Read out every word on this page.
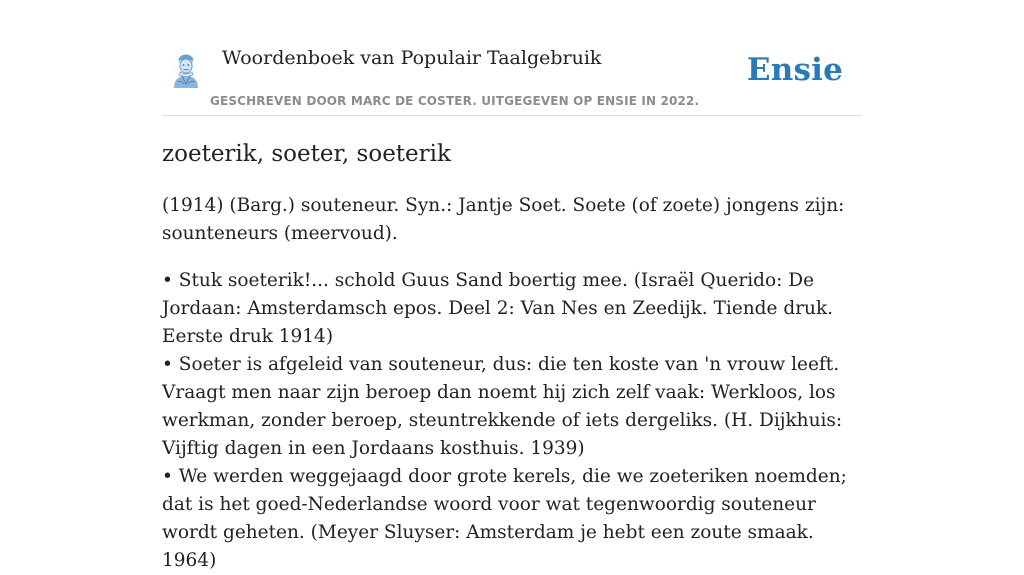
Woordenboek van Populair Taalgebruik	Ensie
GESCHREVEN DOOR MARC DE COSTER. UITGEGEVEN OP ENSIE IN 2022.
zoeterik, soeter, soeterik

(1914) (Barg.) souteneur. Syn.: Jantje Soet. Soete (of zoete) jongens zijn: sounteneurs (meervoud).

• Stuk soeterik!... schold Guus Sand boertig mee. (Israël Querido: De Jordaan: Amsterdamsch epos. Deel 2: Van Nes en Zeedijk. Tiende druk. Eerste druk 1914)
• Soeter is afgeleid van souteneur, dus: die ten koste van 'n vrouw leeft. Vraagt men naar zijn beroep dan noemt hij zich zelf vaak: Werkloos, los werkman, zonder beroep, steuntrekkende of iets dergeliks. (H. Dijkhuis: Vijftig dagen in een Jordaans kosthuis. 1939)
• We werden weggejaagd door grote kerels, die we zoeteriken noemden; dat is het goed-Nederlandse woord voor wat tegenwoordig souteneur wordt geheten. (Meyer Sluyser: Amsterdam je hebt een zoute smaak. 1964)
